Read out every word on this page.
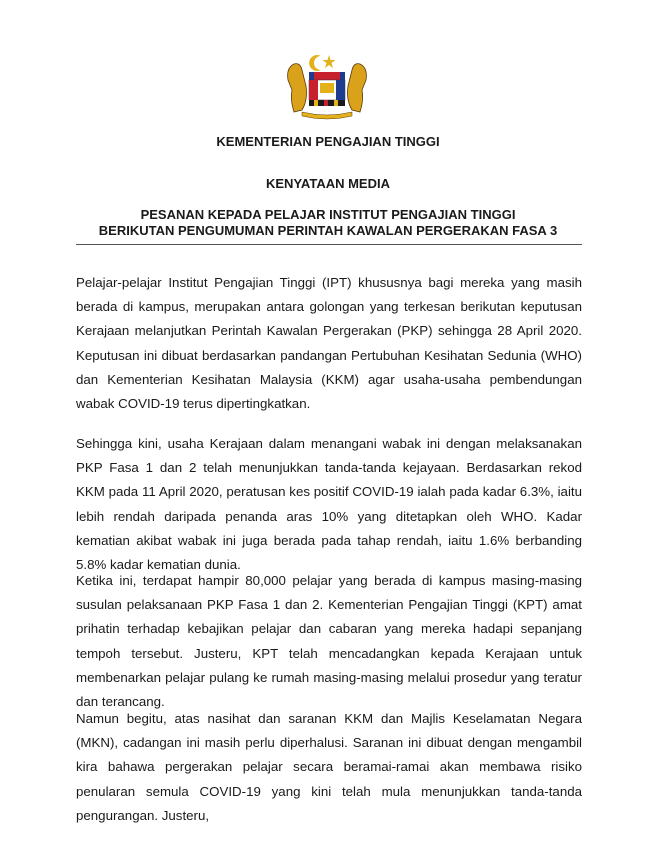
KEMENTERIAN PENGAJIAN TINGGI

KENYATAAN MEDIA

PESANAN KEPADA PELAJAR INSTITUT PENGAJIAN TINGGI

BERIKUTAN PENGUMUMAN PERINTAH KAWALAN PERGERAKAN FASA 3

Pelajar-pelajar Institut Pengajian Tinggi (IPT) khususnya bagi mereka yang masih berada di kampus, merupakan antara golongan yang terkesan berikutan keputusan Kerajaan melanjutkan Perintah Kawalan Pergerakan (PKP) sehingga 28 April 2020. Keputusan ini dibuat berdasarkan pandangan Pertubuhan Kesihatan Sedunia (WHO) dan Kementerian Kesihatan Malaysia (KKM) agar usaha-usaha pembendungan wabak COVID-19 terus dipertingkatkan.

Sehingga kini, usaha Kerajaan dalam menangani wabak ini dengan melaksanakan PKP Fasa 1 dan 2 telah menunjukkan tanda-tanda kejayaan. Berdasarkan rekod KKM pada 11 April 2020, peratusan kes positif COVID-19 ialah pada kadar 6.3%, iaitu lebih rendah daripada penanda aras 10% yang ditetapkan oleh WHO. Kadar kematian akibat wabak ini juga berada pada tahap rendah, iaitu 1.6% berbanding 5.8% kadar kematian dunia.

Ketika ini, terdapat hampir 80,000 pelajar yang berada di kampus masing-masing susulan pelaksanaan PKP Fasa 1 dan 2. Kementerian Pengajian Tinggi (KPT) amat prihatin terhadap kebajikan pelajar dan cabaran yang mereka hadapi sepanjang tempoh tersebut. Justeru, KPT telah mencadangkan kepada Kerajaan untuk membenarkan pelajar pulang ke rumah masing-masing melalui prosedur yang teratur dan terancang.

Namun begitu, atas nasihat dan saranan KKM dan Majlis Keselamatan Negara (MKN), cadangan ini masih perlu diperhalusi. Saranan ini dibuat dengan mengambil kira bahawa pergerakan pelajar secara beramai-ramai akan membawa risiko penularan semula COVID-19 yang kini telah mula menunjukkan tanda-tanda pengurangan. Justeru,
